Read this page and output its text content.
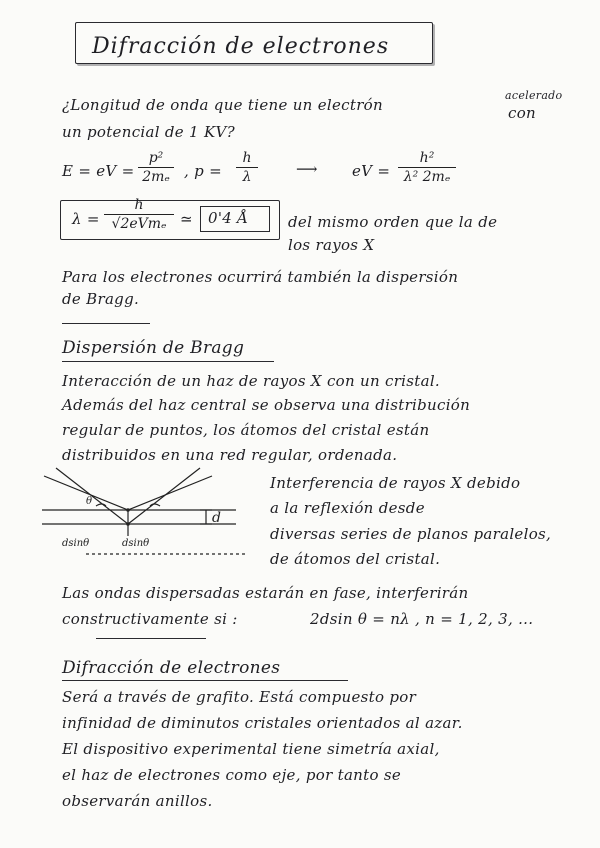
Difracción de electrones
acelerado
¿Longitud de onda que tiene un electrón	con
un potencial de 1 KV?
E = eV =
p²
2mₑ , p =
h
λ	⟶ eV =
h²
λ² 2mₑ
λ =
h
√2eVmₑ ≃ 0'4 Å	del mismo orden que la de
los rayos X
Para los electrones ocurrirá también la dispersión
de Bragg.
Dispersión de Bragg
Interacción de un haz de rayos X con un cristal.
Además del haz central se observa una distribución
regular de puntos, los átomos del cristal están
distribuidos en una red regular, ordenada.
d
dsinθ	dsinθ
θ
Interferencia de rayos X debido
a la reflexión desde
diversas series de planos paralelos,
de átomos del cristal.
Las ondas dispersadas estarán en fase, interferirán
constructivamente si :	2dsin θ = nλ , n = 1, 2, 3, ...
Difracción de electrones
Será a través de grafito. Está compuesto por
infinidad de diminutos cristales orientados al azar.
El dispositivo experimental tiene simetría axial,
el haz de electrones como eje, por tanto se
observarán anillos.
